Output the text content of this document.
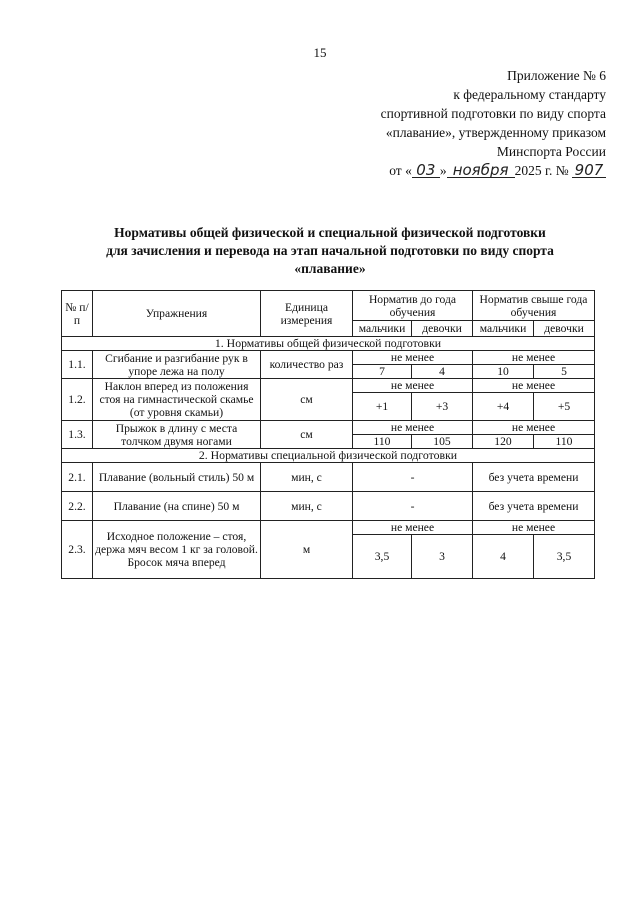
15
Приложение № 6
к федеральному стандарту
спортивной подготовки по виду спорта
«плавание», утвержденному приказом
Минспорта России
от « 03 » ноября 2025 г. № 907
Нормативы общей физической и специальной физической подготовки
для зачисления и перевода на этап начальной подготовки по виду спорта
«плавание»
№ п/п	Упражнения	Единица измерения	Норматив до года обучения		Норматив свыше года обучения	
			мальчики	девочки	мальчики	девочки
1. Нормативы общей физической подготовки						
1.1.	Сгибание и разгибание рук в упоре лежа на полу	количество раз	не менее		не менее	
			7	4	10	5
1.2.	Наклон вперед из положения стоя на гимнастической скамье (от уровня скамьи)	см	не менее		не менее	
			+1	+3	+4	+5
1.3.	Прыжок в длину с места толчком двумя ногами	см	не менее		не менее	
			110	105	120	110
2. Нормативы специальной физической подготовки						
2.1.	Плавание (вольный стиль) 50 м	мин, с	-		без учета времени	
2.2.	Плавание (на спине) 50 м	мин, с	-		без учета времени	
2.3.	Исходное положение – стоя, держа мяч весом 1 кг за головой. Бросок мяча вперед	м	не менее		не менее	
			3,5	3	4	3,5
